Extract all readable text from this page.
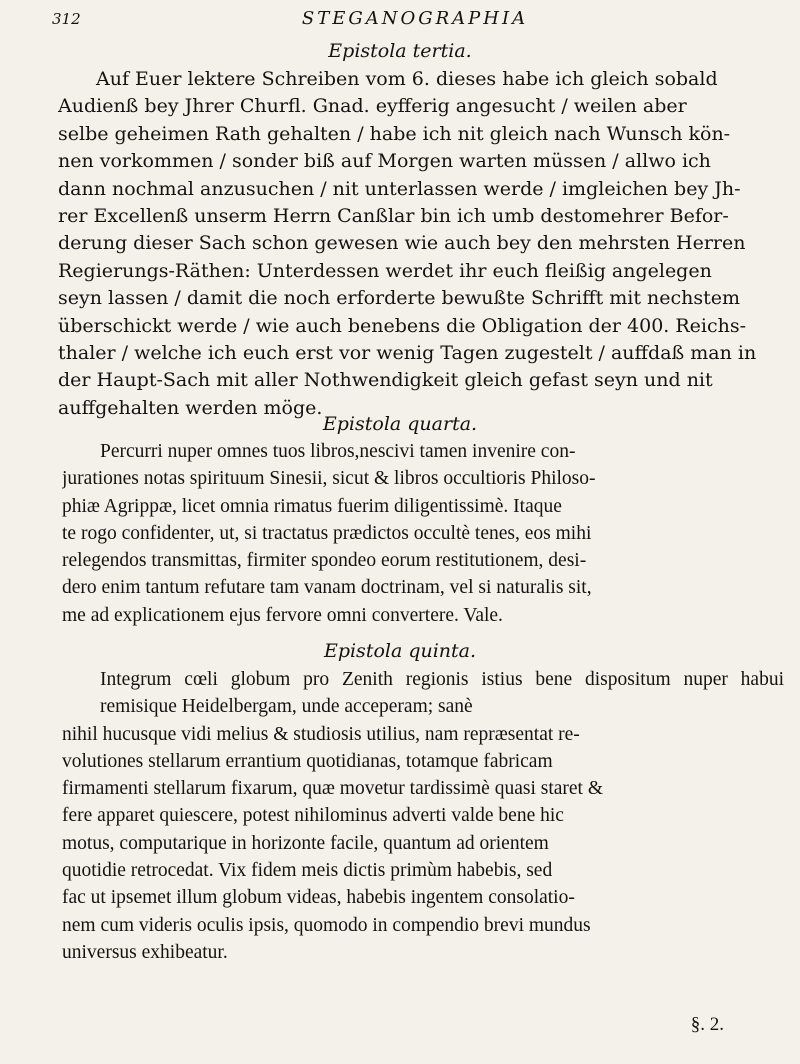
312	STEGANOGRAPHIA
Epistola tertia.
Auf Euer lektere Schreiben vom 6. dieses habe ich gleich sobald
Audienß bey Jhrer Churfl. Gnad. eyfferig angesucht / weilen aber
selbe geheimen Rath gehalten / habe ich nit gleich nach Wunsch kön-
nen vorkommen / sonder biß auf Morgen warten müssen / allwo ich
dann nochmal anzusuchen / nit unterlassen werde / imgleichen bey Jh-
rer Excellenß unserm Herrn Canßlar bin ich umb destomehrer Befor-
derung dieser Sach schon gewesen wie auch bey den mehrsten Herren
Regierungs-Räthen: Unterdessen werdet ihr euch fleißig angelegen
seyn lassen / damit die noch erforderte bewußte Schrifft mit nechstem
überschickt werde / wie auch benebens die Obligation der 400. Reichs-
thaler / welche ich euch erst vor wenig Tagen zugestelt / auffdaß man in
der Haupt-Sach mit aller Nothwendigkeit gleich gefast seyn und nit
auffgehalten werden möge.
Epistola quarta.
Percurri nuper omnes tuos libros,nescivi tamen invenire con-
jurationes notas spirituum Sinesii, sicut & libros occultioris Philoso-
phiæ Agrippæ, licet omnia rimatus fuerim diligentissimè. Itaque
te rogo confidenter, ut, si tractatus prædictos occultè tenes, eos mihi
relegendos transmittas, firmiter spondeo eorum restitutionem, desi-
dero enim tantum refutare tam vanam doctrinam, vel si naturalis sit,
me ad explicationem ejus fervore omni convertere. Vale.
Epistola quinta.
Integrum cœli globum pro Zenith regionis istius bene dispositum nuper habui remisique Heidelbergam, unde acceperam; sanè
nihil hucusque vidi melius & studiosis utilius, nam repræsentat re-
volutiones stellarum errantium quotidianas, totamque fabricam
firmamenti stellarum fixarum, quæ movetur tardissimè quasi staret &
fere apparet quiescere, potest nihilominus adverti valde bene hic
motus, computarique in horizonte facile, quantum ad orientem
quotidie retrocedat. Vix fidem meis dictis primùm habebis, sed
fac ut ipsemet illum globum videas, habebis ingentem consolatio-
nem cum videris oculis ipsis, quomodo in compendio brevi mundus
universus exhibeatur.
§. 2.
